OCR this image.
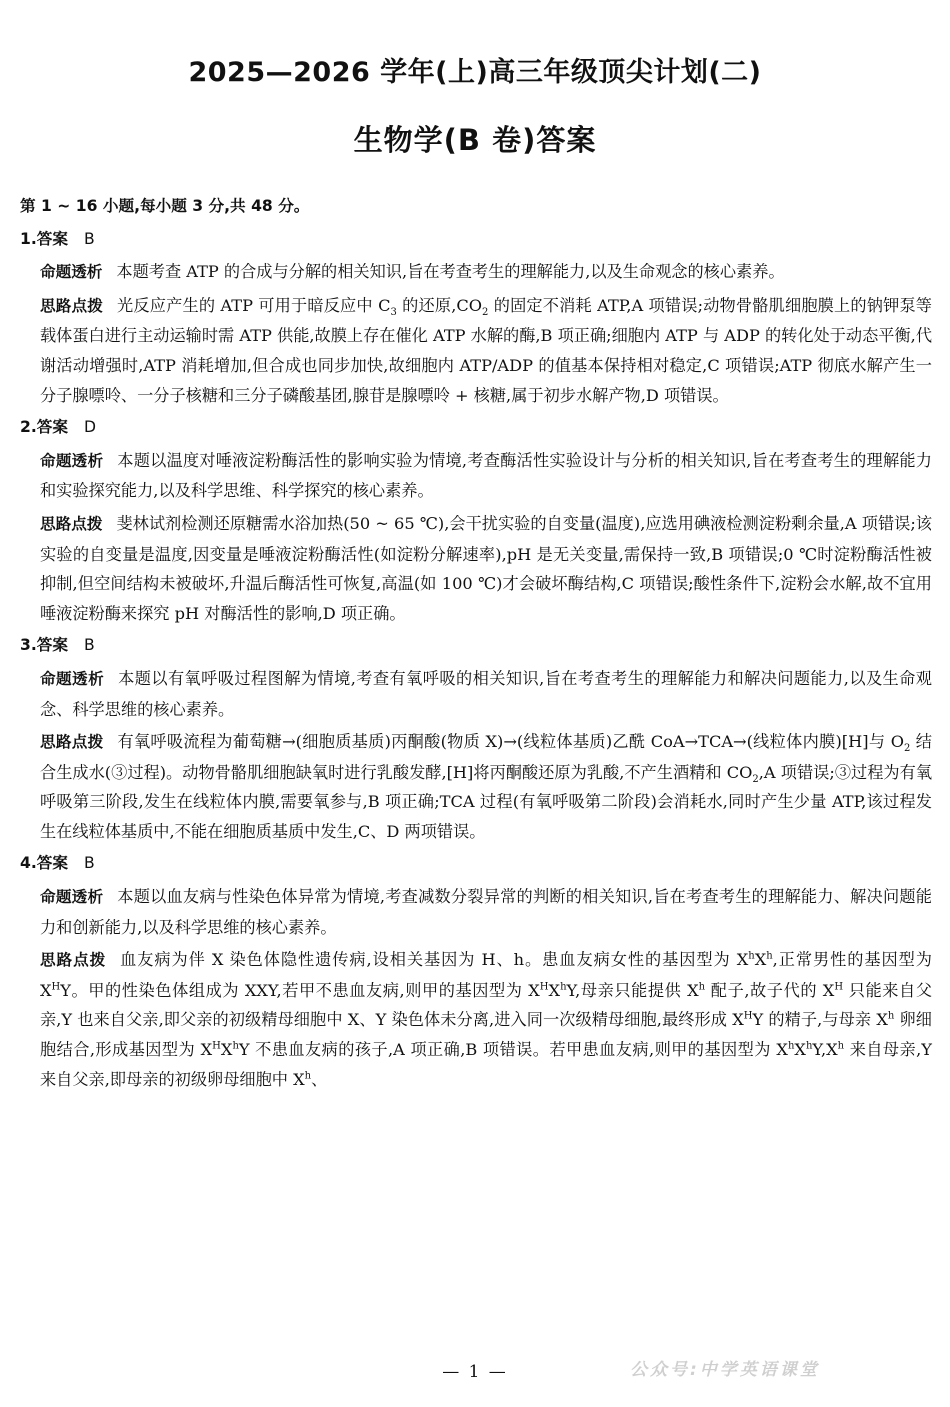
2025—2026 学年(上)高三年级顶尖计划(二)
生物学(B 卷)答案
第 1 ~ 16 小题,每小题 3 分,共 48 分。
1.答案 B
命题透析 本题考查 ATP 的合成与分解的相关知识,旨在考查考生的理解能力,以及生命观念的核心素养。
思路点拨 光反应产生的 ATP 可用于暗反应中 $C_3$ 的还原$,CO_2$ 的固定不消耗 ATP,A 项错误;动物骨骼肌细胞膜上的钠钾泵等载体蛋白进行主动运输时需 ATP 供能,故膜上存在催化 ATP 水解的酶,B 项正确;细胞内 ATP 与 ADP 的转化处于动态平衡,代谢活动增强时,ATP 消耗增加,但合成也同步加快,故细胞内 ATP/ADP 的值基本保持相对稳定,C 项错误;ATP 彻底水解产生一分子腺嘌呤、一分子核糖和三分子磷酸基团,腺苷是腺嘌呤 + 核糖,属于初步水解产物,D 项错误。
2.答案 D
命题透析 本题以温度对唾液淀粉酶活性的影响实验为情境,考查酶活性实验设计与分析的相关知识,旨在考查考生的理解能力和实验探究能力,以及科学思维、科学探究的核心素养。
思路点拨 斐林试剂检测还原糖需水浴加热(50 ~ 65 ℃),会干扰实验的自变量(温度),应选用碘液检测淀粉剩余量,A 项错误;该实验的自变量是温度,因变量是唾液淀粉酶活性(如淀粉分解速率),pH 是无关变量,需保持一致,B 项错误;0 ℃时淀粉酶活性被抑制,但空间结构未被破坏,升温后酶活性可恢复,高温(如 100 ℃)才会破坏酶结构,C 项错误;酸性条件下,淀粉会水解,故不宜用唾液淀粉酶来探究 pH 对酶活性的影响,D 项正确。
3.答案 B
命题透析 本题以有氧呼吸过程图解为情境,考查有氧呼吸的相关知识,旨在考查考生的理解能力和解决问题能力,以及生命观念、科学思维的核心素养。
思路点拨 有氧呼吸流程为葡萄糖→(细胞质基质)丙酮酸(物质 X)→(线粒体基质)乙酰 CoA→TCA→(线粒体内膜)[H]与 $O_2$ 结合生成水(③过程)。动物骨骼肌细胞缺氧时进行乳酸发酵,[H]将丙酮酸还原为乳酸,不产生酒精和 $CO_2,A$ 项错误;③过程为有氧呼吸第三阶段,发生在线粒体内膜,需要氧参与,B 项正确;TCA 过程(有氧呼吸第二阶段)会消耗水,同时产生少量 ATP,该过程发生在线粒体基质中,不能在细胞质基质中发生,C、D 两项错误。
4.答案 B
命题透析 本题以血友病与性染色体异常为情境,考查减数分裂异常的判断的相关知识,旨在考查考生的理解能力、解决问题能力和创新能力,以及科学思维的核心素养。
思路点拨 血友病为伴 X 染色体隐性遗传病,设相关基因为 H、h。患血友病女性的基因型为 $X^hX^h$,正常男性的基因型为 $X^HY$。甲的性染色体组成为 XXY,若甲不患血友病,则甲的基因型为 $X^HX^hY$,母亲只能提供 $X^h$ 配子,故子代的 $X^H$ 只能来自父亲,Y 也来自父亲,即父亲的初级精母细胞中 X、Y 染色体未分离,进入同一次级精母细胞,最终形成 $X^HY$ 的精子,与母亲 $X^h$ 卵细胞结合,形成基因型为 $X^HX^hY$ 不患血友病的孩子,A 项正确,B 项错误。若甲患血友病,则甲的基因型为 $X^hX^hY,X^h$ 来自母亲,Y 来自父亲,即母亲的初级卵母细胞中 $X^h$、
— 1 —	公众号:中学英语课堂
